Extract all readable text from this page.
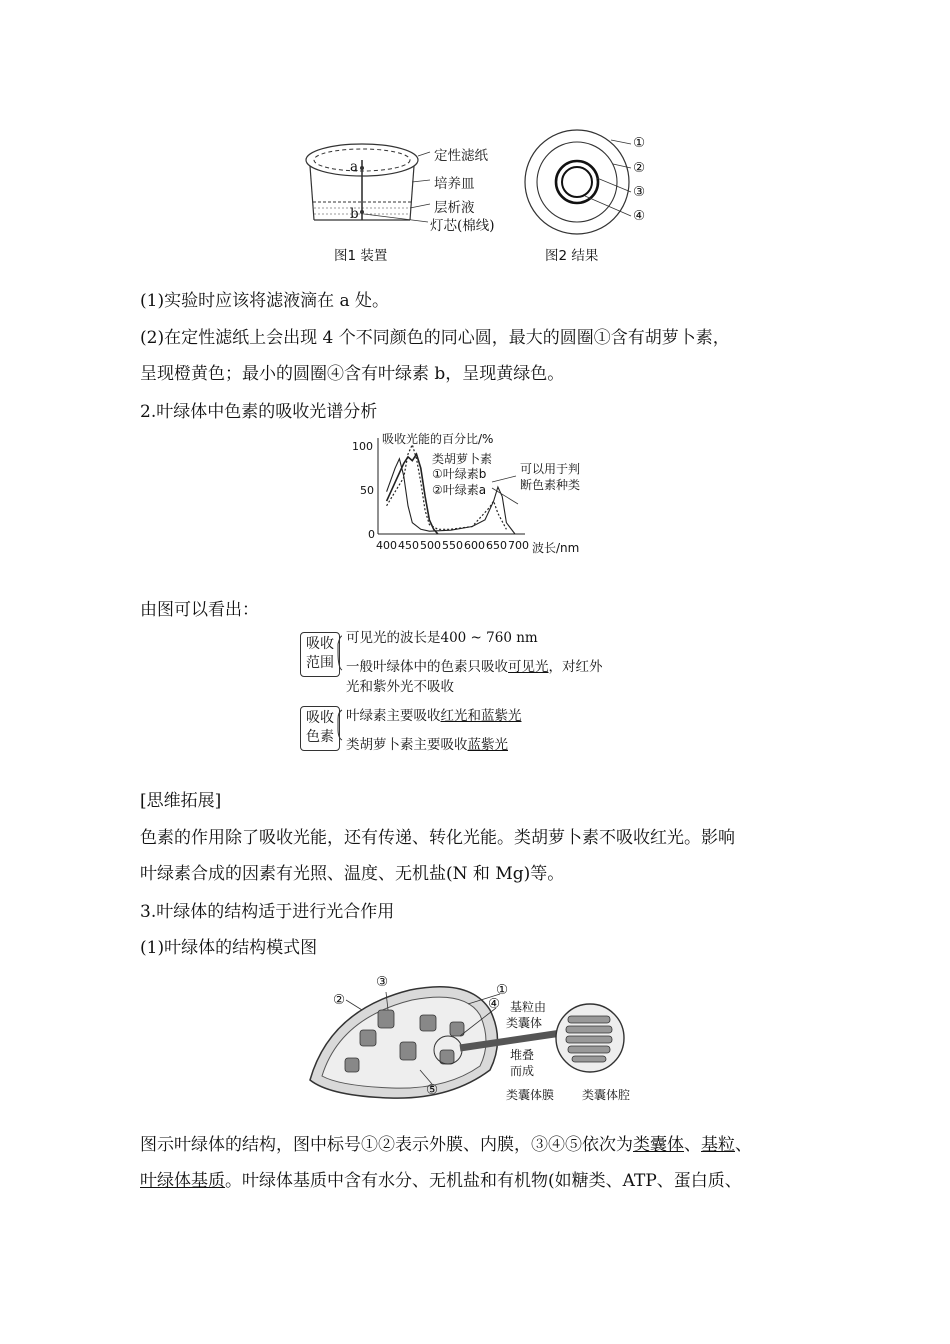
定性滤纸
培养皿
层析液
灯芯(棉线)
a
b
图1 装置
①
②
③
④
图2 结果
(1)实验时应该将滤液滴在 a 处。
(2)在定性滤纸上会出现 4 个不同颜色的同心圆，最大的圆圈①含有胡萝卜素，
呈现橙黄色；最小的圆圈④含有叶绿素 b，呈现黄绿色。
2.叶绿体中色素的吸收光谱分析
吸收光能的百分比/%
100
50
0
400 450 500 550 600 650 700 波长/nm
类胡萝卜素
①叶绿素b
②叶绿素a
可以用于判
断色素种类
由图可以看出：
吸收
范围
吸收
色素
可见光的波长是400 ~ 760 nm
一般叶绿体中的色素只吸收可见光，对红外
光和紫外光不吸收
叶绿素主要吸收红光和蓝紫光
类胡萝卜素主要吸收蓝紫光
[思维拓展]
色素的作用除了吸收光能，还有传递、转化光能。类胡萝卜素不吸收红光。影响
叶绿素合成的因素有光照、温度、无机盐(N 和 Mg)等。
3.叶绿体的结构适于进行光合作用
(1)叶绿体的结构模式图
①
②
③
④
⑤
基粒由
类囊体
堆叠
而成
类囊体膜 类囊体腔
图示叶绿体的结构，图中标号①②表示外膜、内膜，③④⑤依次为类囊体、基粒、
叶绿体基质。叶绿体基质中含有水分、无机盐和有机物(如糖类、ATP、蛋白质、
